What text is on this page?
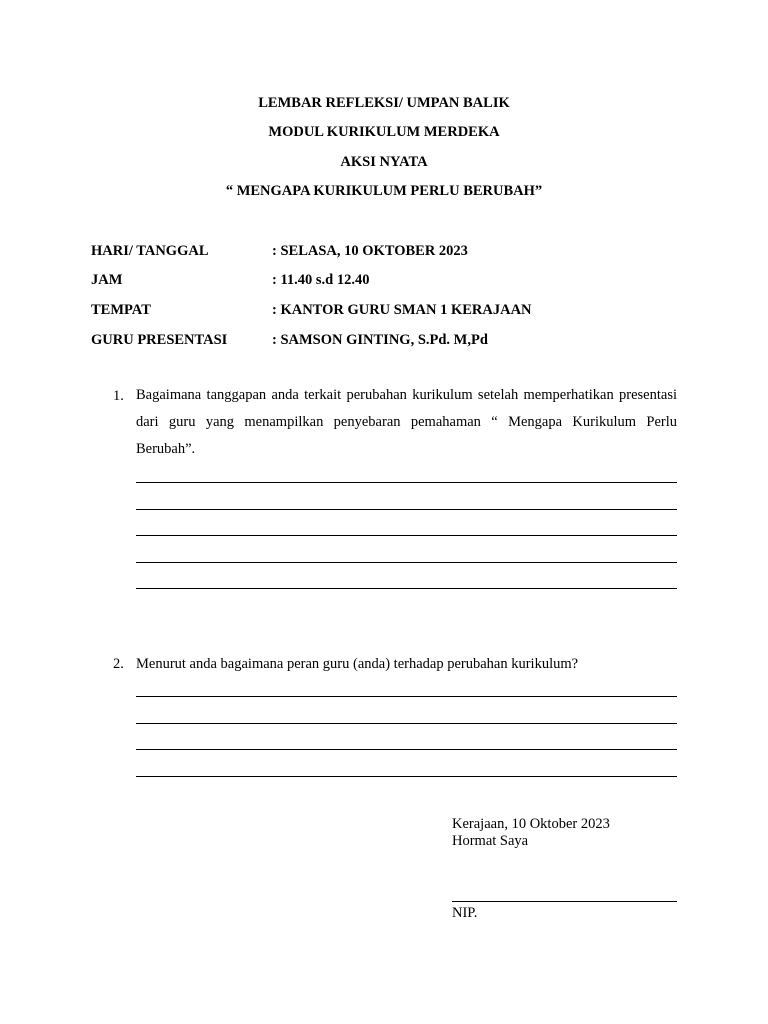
LEMBAR REFLEKSI/ UMPAN BALIK
MODUL KURIKULUM MERDEKA
AKSI NYATA
“ MENGAPA KURIKULUM PERLU BERUBAH”
HARI/ TANGGAL	: SELASA, 10 OKTOBER 2023
JAM	: 11.40 s.d 12.40
TEMPAT	: KANTOR GURU SMAN 1 KERAJAAN
GURU PRESENTASI	: SAMSON GINTING, S.Pd. M,Pd
1. Bagaimana tanggapan anda terkait perubahan kurikulum setelah memperhatikan presentasi dari guru yang menampilkan penyebaran pemahaman “ Mengapa Kurikulum Perlu Berubah”.
2. Menurut anda bagaimana peran guru (anda) terhadap perubahan kurikulum?
Kerajaan, 10 Oktober 2023
Hormat Saya
NIP.
